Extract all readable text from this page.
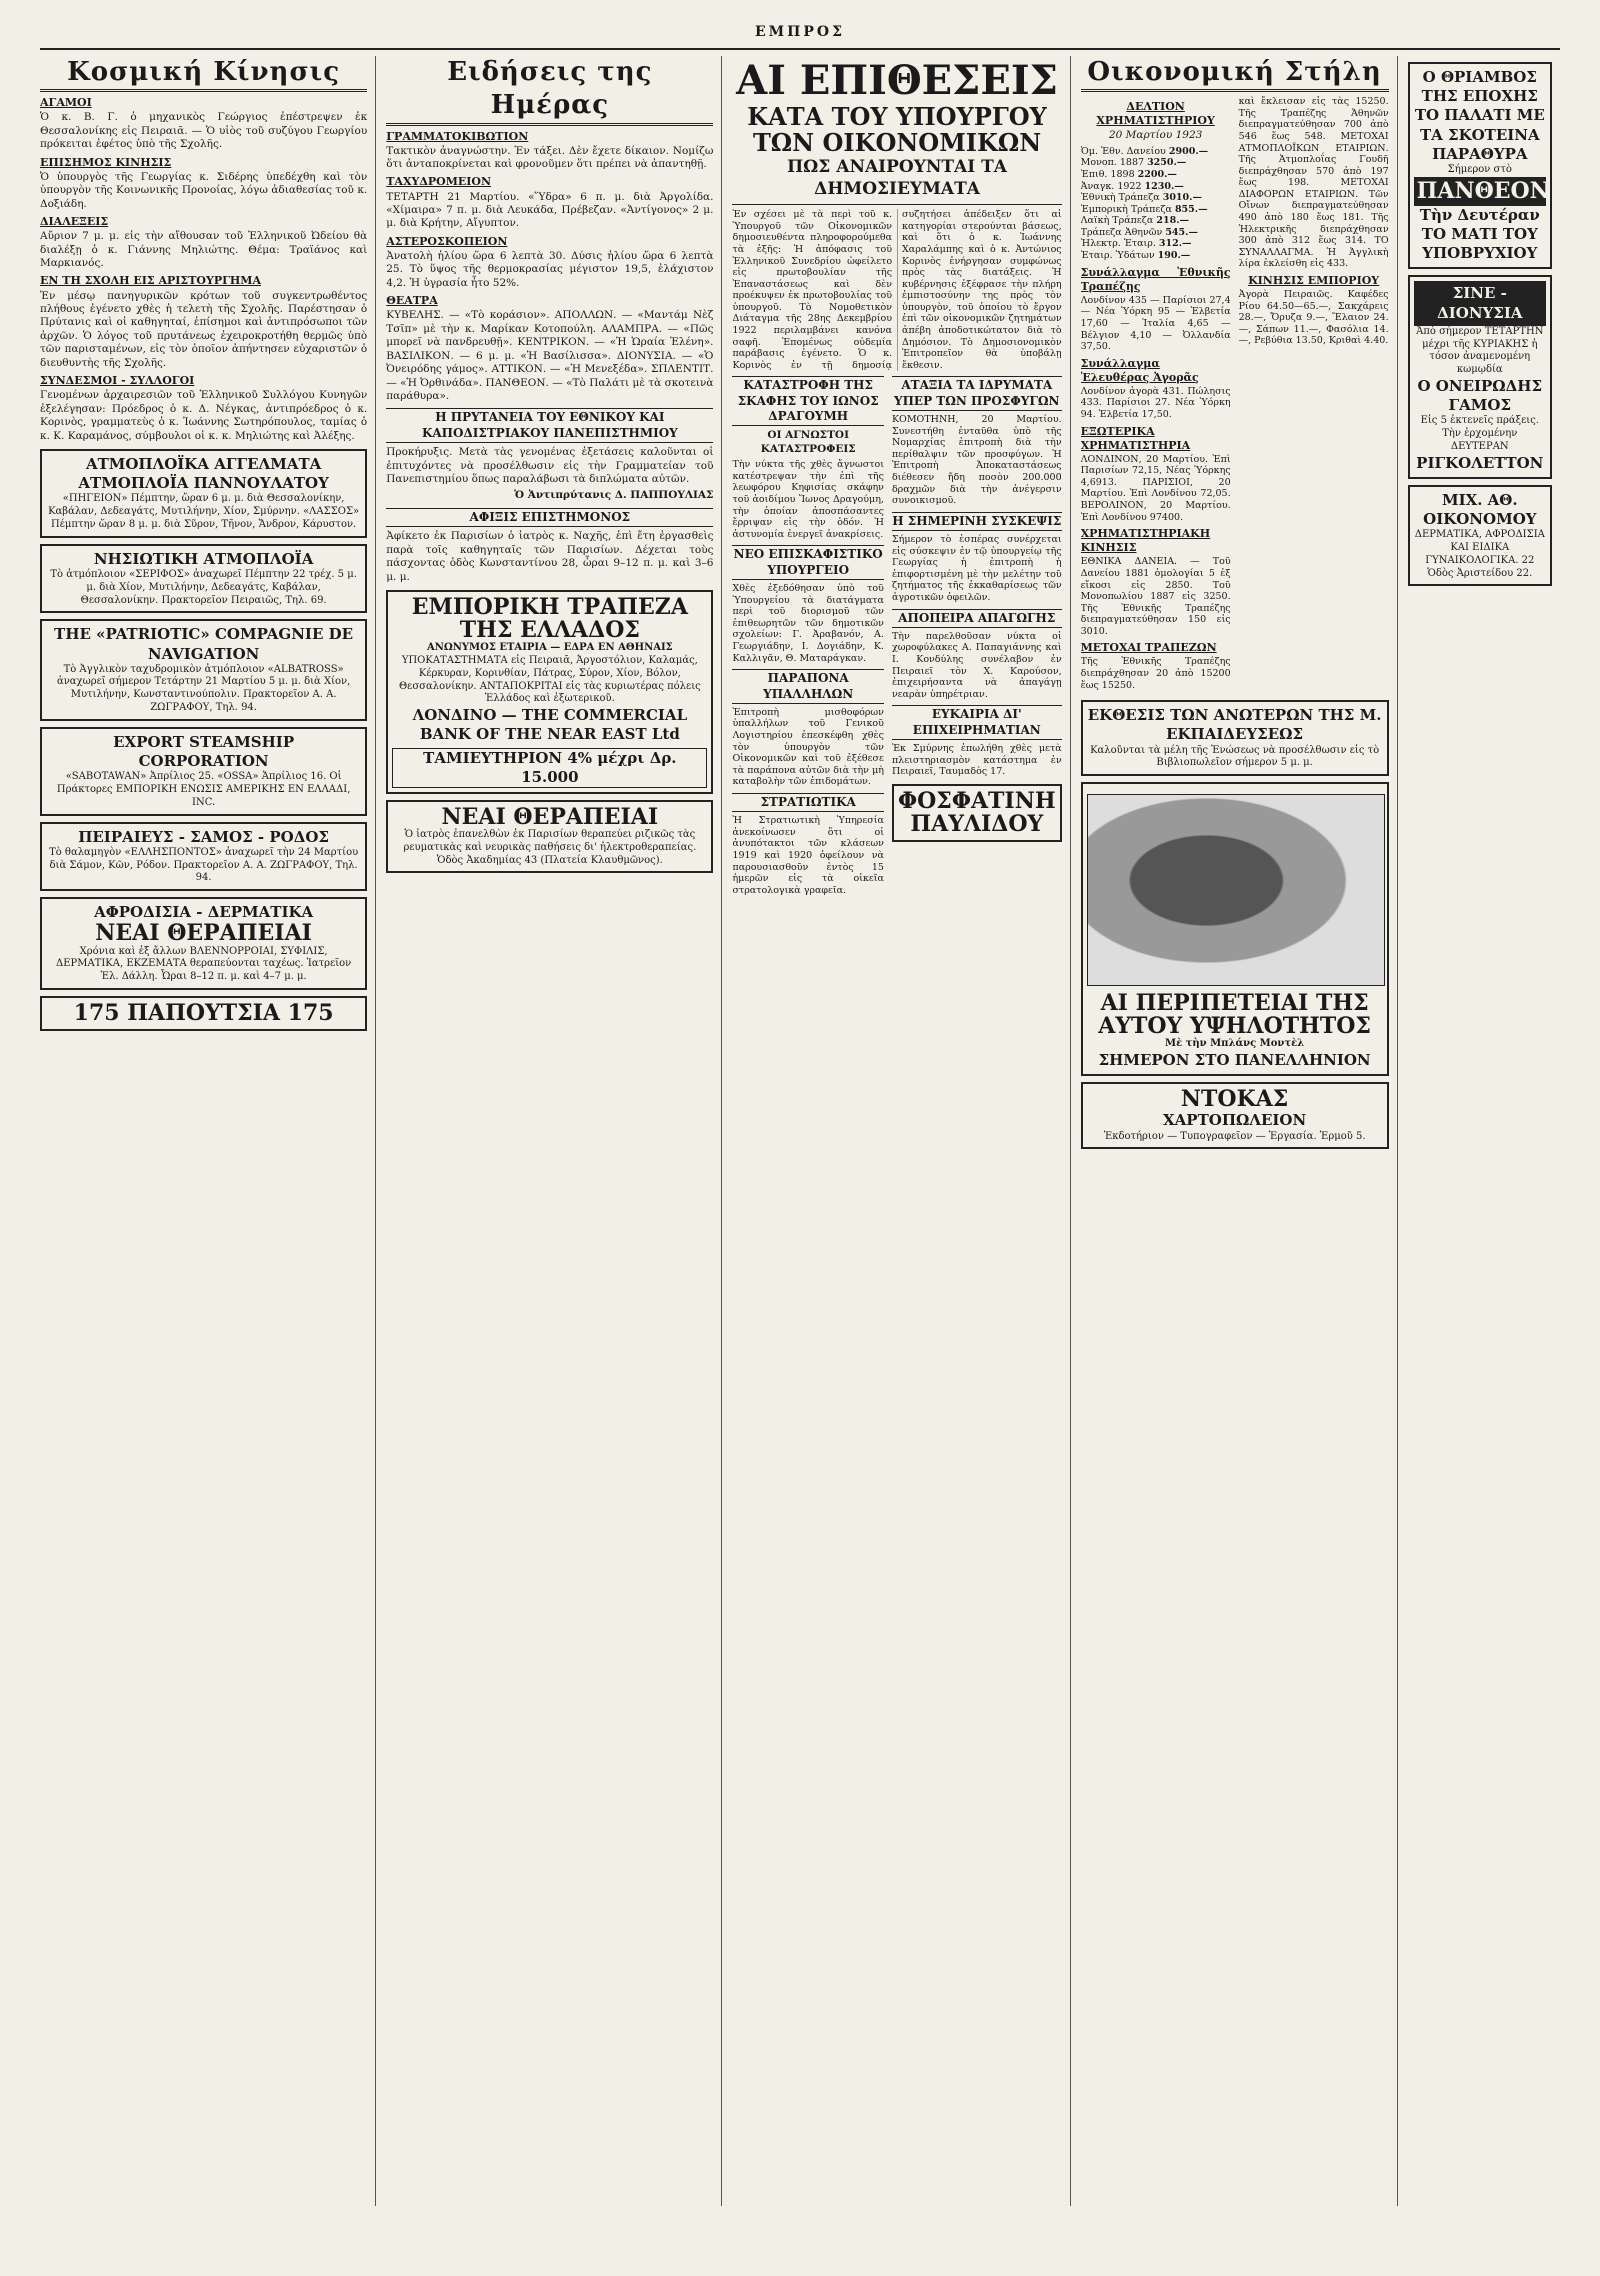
ΕΜΠΡΟΣ
Κοσμική Κίνησις
ΑΓΑΜΟΙ
Ὁ κ. Β. Γ. ὁ μηχανικὸς Γεώργιος ἐπέστρεψεν ἐκ Θεσσαλονίκης εἰς Πειραιᾶ. — Ὁ υἱὸς τοῦ συζύγου Γεωργίου πρόκειται ἐφέτος ὑπὸ τῆς Σχολῆς.
ΕΠΙΣΗΜΟΣ ΚΙΝΗΣΙΣ
Ὁ ὑπουργὸς τῆς Γεωργίας κ. Σιδέρης ὑπεδέχθη καὶ τὸν ὑπουργὸν τῆς Κοινωνικῆς Προνοίας, λόγω ἀδιαθεσίας τοῦ κ. Δοξιάδη.
ΔΙΑΛΕΞΕΙΣ
Αὔριον 7 μ. μ. εἰς τὴν αἴθουσαν τοῦ Ἑλληνικοῦ Ὠδείου θὰ διαλέξῃ ὁ κ. Γιάννης Μηλιώτης. Θέμα: Τραϊάνος καὶ Μαρκιανός.
ΕΝ ΤΗ ΣΧΟΛΗ ΕΙΣ ΑΡΙΣΤΟΥΡΓΗΜΑ
Ἐν μέσῳ πανηγυρικῶν κρότων τοῦ συγκεντρωθέντος πλήθους ἐγένετο χθὲς ἡ τελετὴ τῆς Σχολῆς. Παρέστησαν ὁ Πρύτανις καὶ οἱ καθηγηταί, ἐπίσημοι καὶ ἀντιπρόσωποι τῶν ἀρχῶν. Ὁ λόγος τοῦ πρυτάνεως ἐχειροκροτήθη θερμῶς ὑπὸ τῶν παρισταμένων, εἰς τὸν ὁποῖον ἀπήντησεν εὐχαριστῶν ὁ διευθυντὴς τῆς Σχολῆς.
ΣΥΝΔΕΣΜΟΙ - ΣΥΛΛΟΓΟΙ
Γενομένων ἀρχαιρεσιῶν τοῦ Ἑλληνικοῦ Συλλόγου Κυνηγῶν ἐξελέγησαν: Πρόεδρος ὁ κ. Δ. Νέγκας, ἀντιπρόεδρος ὁ κ. Κορινὸς, γραμματεὺς ὁ κ. Ἰωάννης Σωτηρόπουλος, ταμίας ὁ κ. Κ. Καραμάνος, σύμβουλοι οἱ κ. κ. Μηλιώτης καὶ Ἀλέξης.
ΑΤΜΟΠΛΟΪΚΑ ΑΓΓΕΛΜΑΤΑ
ΑΤΜΟΠΛΟΪΑ ΠΑΝΝΟΥΛΑΤΟΥ
«ΠΗΓΕΙΟΝ» Πέμπτην, ὥραν 6 μ. μ. διὰ Θεσσαλονίκην, Καβάλαν, Δεδεαγάτς, Μυτιλήνην, Χίον, Σμύρνην. «ΛΑΣΣΟΣ» Πέμπτην ὥραν 8 μ. μ. διὰ Σῦρον, Τῆνον, Ἄνδρον, Κάρυστον.
ΝΗΣΙΩΤΙΚΗ ΑΤΜΟΠΛΟΪΑ
Τὸ ἀτμόπλοιον «ΣΕΡΙΦΟΣ» ἀναχωρεῖ Πέμπτην 22 τρέχ. 5 μ. μ. διὰ Χίον, Μυτιλήνην, Δεδεαγάτς, Καβάλαν, Θεσσαλονίκην. Πρακτορεῖον Πειραιῶς, Τηλ. 69.
THE «PATRIOTIC» COMPAGNIE DE NAVIGATION
Τὸ Ἀγγλικὸν ταχυδρομικὸν ἀτμόπλοιον «ALBATROSS» ἀναχωρεῖ σήμερον Τετάρτην 21 Μαρτίου 5 μ. μ. διὰ Χίον, Μυτιλήνην, Κωνσταντινούπολιν. Πρακτορεῖον Α. Α. ΖΩΓΡΑΦΟΥ, Τηλ. 94.
EXPORT STEAMSHIP CORPORATION
«SABOTAWAN» Ἀπρίλιος 25. «OSSA» Ἀπρίλιος 16. Οἱ Πράκτορες ΕΜΠΟΡΙΚΗ ΕΝΩΣΙΣ ΑΜΕΡΙΚΗΣ ΕΝ ΕΛΛΑΔΙ, INC.
ΠΕΙΡΑΙΕΥΣ - ΣΑΜΟΣ - ΡΟΔΟΣ
Τὸ θαλαμηγὸν «ΕΛΛΗΣΠΟΝΤΟΣ» ἀναχωρεῖ τὴν 24 Μαρτίου διὰ Σάμον, Κῶν, Ρόδον. Πρακτορεῖον Α. Α. ΖΩΓΡΑΦΟΥ, Τηλ. 94.
ΑΦΡΟΔΙΣΙΑ - ΔΕΡΜΑΤΙΚΑ
ΝΕΑΙ ΘΕΡΑΠΕΙΑΙ
Χρόνια καὶ ἐξ ἄλλων ΒΛΕΝΝΟΡΡΟΙΑΙ, ΣΥΦΙΛΙΣ, ΔΕΡΜΑΤΙΚΑ, ΕΚΖΕΜΑΤΑ θεραπεύονται ταχέως. Ἰατρεῖον Ἐλ. Δάλλη. Ὧραι 8–12 π. μ. καὶ 4–7 μ. μ.
175 ΠΑΠΟΥΤΣΙΑ 175
Ειδήσεις της Ημέρας
ΓΡΑΜΜΑΤΟΚΙΒΩΤΙΟΝ
Τακτικὸν ἀναγνώστην. Ἐν τάξει. Δὲν ἔχετε δίκαιον. Νομίζω ὅτι ἀνταποκρίνεται καὶ φρονοῦμεν ὅτι πρέπει νὰ ἀπαντηθῇ.
ΤΑΧΥΔΡΟΜΕΙΟΝ
ΤΕΤΑΡΤΗ 21 Μαρτίου. «Ὕδρα» 6 π. μ. διὰ Ἀργολίδα. «Χίμαιρα» 7 π. μ. διὰ Λευκάδα, Πρέβεζαν. «Ἀντίγονος» 2 μ. μ. διὰ Κρήτην, Αἴγυπτον.
ΑΣΤΕΡΟΣΚΟΠΕΙΟΝ
Ἀνατολὴ ἡλίου ὥρα 6 λεπτὰ 30. Δύσις ἡλίου ὥρα 6 λεπτὰ 25. Τὸ ὕψος τῆς θερμοκρασίας μέγιστον 19,5, ἐλάχιστον 4,2. Ἡ ὑγρασία ἦτο 52%.
ΘΕΑΤΡΑ
ΚΥΒΕΛΗΣ. — «Τὸ κοράσιον». ΑΠΟΛΛΩΝ. — «Μαντάμ Νὲζ Τσῖπ» μὲ τὴν κ. Μαρίκαν Κοτοπούλη. ΑΛΑΜΠΡΑ. — «Πῶς μπορεῖ νὰ πανδρευθῇ». ΚΕΝΤΡΙΚΟΝ. — «Ἡ Ὡραία Ἑλένη». ΒΑΣΙΛΙΚΟΝ. — 6 μ. μ. «Ἡ Βασίλισσα». ΔΙΟΝΥΣΙΑ. — «Ὁ Ὀνειρόδης γάμος». ΑΤΤΙΚΟΝ. — «Ἡ Μενεξέδα». ΣΠΛΕΝΤΙΤ. — «Ἡ Ὀρθινάδα». ΠΑΝΘΕΟΝ. — «Τὸ Παλάτι μὲ τὰ σκοτεινὰ παράθυρα».
Η ΠΡΥΤΑΝΕΙΑ ΤΟΥ ΕΘΝΙΚΟΥ ΚΑΙ ΚΑΠΟΔΙΣΤΡΙΑΚΟΥ ΠΑΝΕΠΙΣΤΗΜΙΟΥ
Προκήρυξις. Μετὰ τὰς γενομένας ἐξετάσεις καλοῦνται οἱ ἐπιτυχόντες νὰ προσέλθωσιν εἰς τὴν Γραμματείαν τοῦ Πανεπιστημίου ὅπως παραλάβωσι τὰ διπλώματα αὐτῶν.
Ὁ Ἀντιπρύτανις Δ. ΠΑΠΠΟΥΛΙΑΣ
ΑΦΙΞΙΣ ΕΠΙΣΤΗΜΟΝΟΣ
Ἀφίκετο ἐκ Παρισίων ὁ ἰατρὸς κ. Ναχῆς, ἐπὶ ἔτη ἐργασθεὶς παρὰ τοῖς καθηγηταῖς τῶν Παρισίων. Δέχεται τοὺς πάσχοντας ὁδὸς Κωνσταντίνου 28, ὧραι 9–12 π. μ. καὶ 3–6 μ. μ.
ΕΜΠΟΡΙΚΗ ΤΡΑΠΕΖΑ ΤΗΣ ΕΛΛΑΔΟΣ
ΑΝΩΝΥΜΟΣ ΕΤΑΙΡΙΑ — ΕΔΡΑ ΕΝ ΑΘΗΝΑΙΣ
ΥΠΟΚΑΤΑΣΤΗΜΑΤΑ εἰς Πειραιᾶ, Ἀργοστόλιον, Καλαμάς, Κέρκυραν, Κορινθίαν, Πάτρας, Σύρον, Χίον, Βόλον, Θεσσαλονίκην. ΑΝΤΑΠΟΚΡΙΤΑΙ εἰς τὰς κυριωτέρας πόλεις Ἑλλάδος καὶ ἐξωτερικοῦ.
ΛΟΝΔΙΝΟ — THE COMMERCIAL BANK OF THE NEAR EAST Ltd
ΤΑΜΙΕΥΤΗΡΙΟΝ 4% μέχρι Δρ. 15.000
ΝΕΑΙ ΘΕΡΑΠΕΙΑΙ
Ὁ ἰατρὸς ἐπανελθὼν ἐκ Παρισίων θεραπεύει ριζικῶς τὰς ρευματικὰς καὶ νευρικὰς παθήσεις δι' ἠλεκτροθεραπείας. Ὁδὸς Ἀκαδημίας 43 (Πλατεία Κλαυθμῶνος).
ΑΙ ΕΠΙΘΕΣΕΙΣ
ΚΑΤΑ ΤΟΥ ΥΠΟΥΡΓΟΥ ΤΩΝ ΟΙΚΟΝΟΜΙΚΩΝ
ΠΩΣ ΑΝΑΙΡΟΥΝΤΑΙ ΤΑ ΔΗΜΟΣΙΕΥΜΑΤΑ
Ἐν σχέσει μὲ τὰ περὶ τοῦ κ. Ὑπουργοῦ τῶν Οἰκονομικῶν δημοσιευθέντα πληροφορούμεθα τὰ ἑξῆς: Ἡ ἀπόφασις τοῦ Ἑλληνικοῦ Συνεδρίου ὠφείλετο εἰς πρωτοβουλίαν τῆς Ἐπαναστάσεως καὶ δὲν προέκυψεν ἐκ πρωτοβουλίας τοῦ ὑπουργοῦ. Τὸ Νομοθετικὸν Διάταγμα τῆς 28ης Δεκεμβρίου 1922 περιλαμβάνει κανόνα σαφῆ. Ἐπομένως οὐδεμία παράβασις ἐγένετο. Ὁ κ. Κορινὸς ἐν τῇ δημοσίᾳ συζητήσει ἀπέδειξεν ὅτι αἱ κατηγορίαι στερούνται βάσεως, καὶ ὅτι ὁ κ. Ἰωάννης Χαραλάμπης καὶ ὁ κ. Ἀντώνιος Κορινὸς ἐνήργησαν συμφώνως πρὸς τὰς διατάξεις. Ἡ κυβέρνησις ἐξέφρασε τὴν πλήρη ἐμπιστοσύνην της πρὸς τὸν ὑπουργὸν, τοῦ ὁποίου τὸ ἔργον ἐπὶ τῶν οἰκονομικῶν ζητημάτων ἀπέβη ἀποδοτικώτατον διὰ τὸ Δημόσιον. Τὸ Δημοσιονομικὸν Ἐπιτροπεῖον θὰ ὑποβάλῃ ἔκθεσιν.
ΚΑΤΑΣΤΡΟΦΗ ΤΗΣ ΣΚΑΦΗΣ ΤΟΥ ΙΩΝΟΣ ΔΡΑΓΟΥΜΗ
ΟΙ ΑΓΝΩΣΤΟΙ ΚΑΤΑΣΤΡΟΦΕΙΣ
Τὴν νύκτα τῆς χθὲς ἄγνωστοι κατέστρεψαν τὴν ἐπὶ τῆς λεωφόρου Κηφισίας σκάφην τοῦ ἀοιδίμου Ἴωνος Δραγούμη, τὴν ὁποίαν ἀποσπάσαντες ἔρριψαν εἰς τὴν ὁδόν. Ἡ ἀστυνομία ἐνεργεῖ ἀνακρίσεις.
ΝΕΟ ΕΠΙΣΚΑΦΙΣΤΙΚΟ ΥΠΟΥΡΓΕΙΟ
Χθὲς ἐξεδόθησαν ὑπὸ τοῦ Ὑπουργείου τὰ διατάγματα περὶ τοῦ διορισμοῦ τῶν ἐπιθεωρητῶν τῶν δημοτικῶν σχολείων: Γ. Ἀραβανόν, Α. Γεωργιάδην, Ι. Δογιάδην, Κ. Καλλιγᾶν, Θ. Ματαράγκαν.
ΠΑΡΑΠΟΝΑ ΥΠΑΛΛΗΛΩΝ
Ἐπιτροπὴ μισθοφόρων ὑπαλλήλων τοῦ Γενικοῦ Λογιστηρίου ἐπεσκέφθη χθὲς τὸν ὑπουργὸν τῶν Οἰκονομικῶν καὶ τοῦ ἐξέθεσε τὰ παράπονα αὐτῶν διὰ τὴν μὴ καταβολὴν τῶν ἐπιδομάτων.
ΣΤΡΑΤΙΩΤΙΚΑ
Ἡ Στρατιωτικὴ Ὑπηρεσία ἀνεκοίνωσεν ὅτι οἱ ἀνυπότακτοι τῶν κλάσεων 1919 καὶ 1920 ὀφείλουν νὰ παρουσιασθοῦν ἐντὸς 15 ἡμερῶν εἰς τὰ οἰκεῖα στρατολογικὰ γραφεῖα.
ΑΤΑΞΙΑ ΤΑ ΙΔΡΥΜΑΤΑ ΥΠΕΡ ΤΩΝ ΠΡΟΣΦΥΓΩΝ
ΚΟΜΟΤΗΝΗ, 20 Μαρτίου. Συνεστήθη ἐνταῦθα ὑπὸ τῆς Νομαρχίας ἐπιτροπὴ διὰ τὴν περίθαλψιν τῶν προσφύγων. Ἡ Ἐπιτροπὴ Ἀποκαταστάσεως διέθεσεν ἤδη ποσὸν 200.000 δραχμῶν διὰ τὴν ἀνέγερσιν συνοικισμοῦ.
Η ΣΗΜΕΡΙΝΗ ΣΥΣΚΕΨΙΣ
Σήμερον τὸ ἑσπέρας συνέρχεται εἰς σύσκεψιν ἐν τῷ ὑπουργείῳ τῆς Γεωργίας ἡ ἐπιτροπὴ ἡ ἐπιφορτισμένη μὲ τὴν μελέτην τοῦ ζητήματος τῆς ἐκκαθαρίσεως τῶν ἀγροτικῶν ὀφειλῶν.
ΑΠΟΠΕΙΡΑ ΑΠΑΓΩΓΗΣ
Τὴν παρελθοῦσαν νύκτα οἱ χωροφύλακες Α. Παπαγιάννης καὶ Ι. Κονδύλης συνέλαβον ἐν Πειραιεῖ τὸν Χ. Καρούσον, ἐπιχειρήσαντα νὰ ἀπαγάγῃ νεαρὰν ὑπηρέτριαν.
ΕΥΚΑΙΡΙΑ ΔΙ' ΕΠΙΧΕΙΡΗΜΑΤΙΑΝ
Ἐκ Σμύρνης ἐπωλήθη χθὲς μετὰ πλειστηριασμὸν κατάστημα ἐν Πειραιεῖ, Ταυμαδὸς 17.
ΦΟΣΦΑΤΙΝΗ ΠΑΥΛΙΔΟΥ
Οικονομική Στήλη
ΔΕΛΤΙΟΝ ΧΡΗΜΑΤΙΣΤΗΡΙΟΥ
20 Μαρτίου 1923
Ὁμ. Ἐθν. Δανείου 2900.—
Μονοπ. 1887 3250.—
Ἐπιθ. 1898 2200.—
Ἀναγκ. 1922 1230.—
Ἐθνικὴ Τράπεζα 3010.—
Ἐμπορικὴ Τράπεζα 855.—
Λαϊκὴ Τράπεζα 218.—
Τράπεζα Ἀθηνῶν 545.—
Ἠλεκτρ. Ἑταιρ. 312.—
Ἑταιρ. Ὑδάτων 190.—
Συνάλλαγμα Ἐθνικῆς Τραπέζης
Λονδίνον 435 — Παρίσιοι 27,4 — Νέα Ὑόρκη 95 — Ἑλβετία 17,60 — Ἰταλία 4,65 — Βέλγιον 4,10 — Ὀλλανδία 37,50.
Συνάλλαγμα Ἐλευθέρας Ἀγορᾶς
Λονδίνον ἀγορὰ 431. Πώλησις 433. Παρίσιοι 27. Νέα Ὑόρκη 94. Ἑλβετία 17,50.
ΕΞΩΤΕΡΙΚΑ ΧΡΗΜΑΤΙΣΤΗΡΙΑ
ΛΟΝΔΙΝΟΝ, 20 Μαρτίου. Ἐπὶ Παρισίων 72,15, Νέας Ὑόρκης 4,6913. ΠΑΡΙΣΙΟΙ, 20 Μαρτίου. Ἐπὶ Λονδίνου 72,05. ΒΕΡΟΛΙΝΟΝ, 20 Μαρτίου. Ἐπὶ Λονδίνου 97400.
ΧΡΗΜΑΤΙΣΤΗΡΙΑΚΗ ΚΙΝΗΣΙΣ
ΕΘΝΙΚΑ ΔΑΝΕΙΑ. — Τοῦ Δανείου 1881 ὁμολογίαι 5 ἐξ εἴκοσι εἰς 2850. Τοῦ Μονοπωλίου 1887 εἰς 3250. Τῆς Ἐθνικῆς Τραπέζης διεπραγματεύθησαν 150 εἰς 3010.
ΜΕΤΟΧΑΙ ΤΡΑΠΕΖΩΝ
Τῆς Ἐθνικῆς Τραπέζης διεπράχθησαν 20 ἀπὸ 15200 ἕως 15250.
καὶ ἔκλεισαν εἰς τὰς 15250. Τῆς Τραπέζης Ἀθηνῶν διεπραγματεύθησαν 700 ἀπὸ 546 ἕως 548. ΜΕΤΟΧΑΙ ΑΤΜΟΠΛΟΪΚΩΝ ΕΤΑΙΡΙΩΝ. Τῆς Ἀτμοπλοΐας Γουδῆ διεπράχθησαν 570 ἀπὸ 197 ἕως 198. ΜΕΤΟΧΑΙ ΔΙΑΦΟΡΩΝ ΕΤΑΙΡΙΩΝ. Τῶν Οἴνων διεπραγματεύθησαν 490 ἀπὸ 180 ἕως 181. Τῆς Ἠλεκτρικῆς διεπράχθησαν 300 ἀπὸ 312 ἕως 314. ΤΟ ΣΥΝΑΛΛΑΓΜΑ. Ἡ Ἀγγλικὴ λίρα ἐκλείσθη εἰς 433.
ΚΙΝΗΣΙΣ ΕΜΠΟΡΙΟΥ
Ἀγορὰ Πειραιῶς. Καφέδες Ρίου 64.50—65.—, Σακχάρεις 28.—, Ὄρυζα 9.—, Ἔλαιον 24.—, Σάπων 11.—, Φασόλια 14.—, Ρεβύθια 13.50, Κριθαὶ 4.40.
ΕΚΘΕΣΙΣ ΤΩΝ ΑΝΩΤΕΡΩΝ ΤΗΣ Μ. ΕΚΠΑΙΔΕΥΣΕΩΣ
Καλοῦνται τὰ μέλη τῆς Ἑνώσεως νὰ προσέλθωσιν εἰς τὸ Βιβλιοπωλεῖον σήμερον 5 μ. μ.
ΑΙ ΠΕΡΙΠΕΤΕΙΑΙ ΤΗΣ ΑΥΤΟΥ ΥΨΗΛΟΤΗΤΟΣ
Μὲ τὴν Μπλάνς Μοντὲλ
ΣΗΜΕΡΟΝ ΣΤΟ ΠΑΝΕΛΛΗΝΙΟΝ
ΝΤΟΚΑΣ
ΧΑΡΤΟΠΩΛΕΙΟΝ
Ἐκδοτήριον — Τυπογραφεῖον — Ἐργασία. Ἐρμοῦ 5.
Ο ΘΡΙΑΜΒΟΣ ΤΗΣ ΕΠΟΧΗΣ
ΤΟ ΠΑΛΑΤΙ ΜΕ ΤΑ ΣΚΟΤΕΙΝΑ ΠΑΡΑΘΥΡΑ
Σήμερον στὸ
ΠΑΝΘΕΟΝ
Τὴν Δευτέραν ΤΟ ΜΑΤΙ ΤΟΥ ΥΠΟΒΡΥΧΙΟΥ
ΣΙΝΕ - ΔΙΟΝΥΣΙΑ
Ἀπὸ σήμερον ΤΕΤΑΡΤΗΝ μέχρι τῆς ΚΥΡΙΑΚΗΣ ἡ τόσον ἀναμενομένη κωμῳδία
Ο ΟΝΕΙΡΩΔΗΣ ΓΑΜΟΣ
Εἰς 5 ἐκτενεῖς πράξεις. Τὴν ἐρχομένην ΔΕΥΤΕΡΑΝ
ΡΙΓΚΟΛΕΤΤΟΝ
ΜΙΧ. ΑΘ. ΟΙΚΟΝΟΜΟΥ
ΔΕΡΜΑΤΙΚΑ, ΑΦΡΟΔΙΣΙΑ ΚΑΙ ΕΙΔΙΚΑ ΓΥΝΑΙΚΟΛΟΓΙΚΑ. 22 Ὁδὸς Ἀριστείδου 22.
